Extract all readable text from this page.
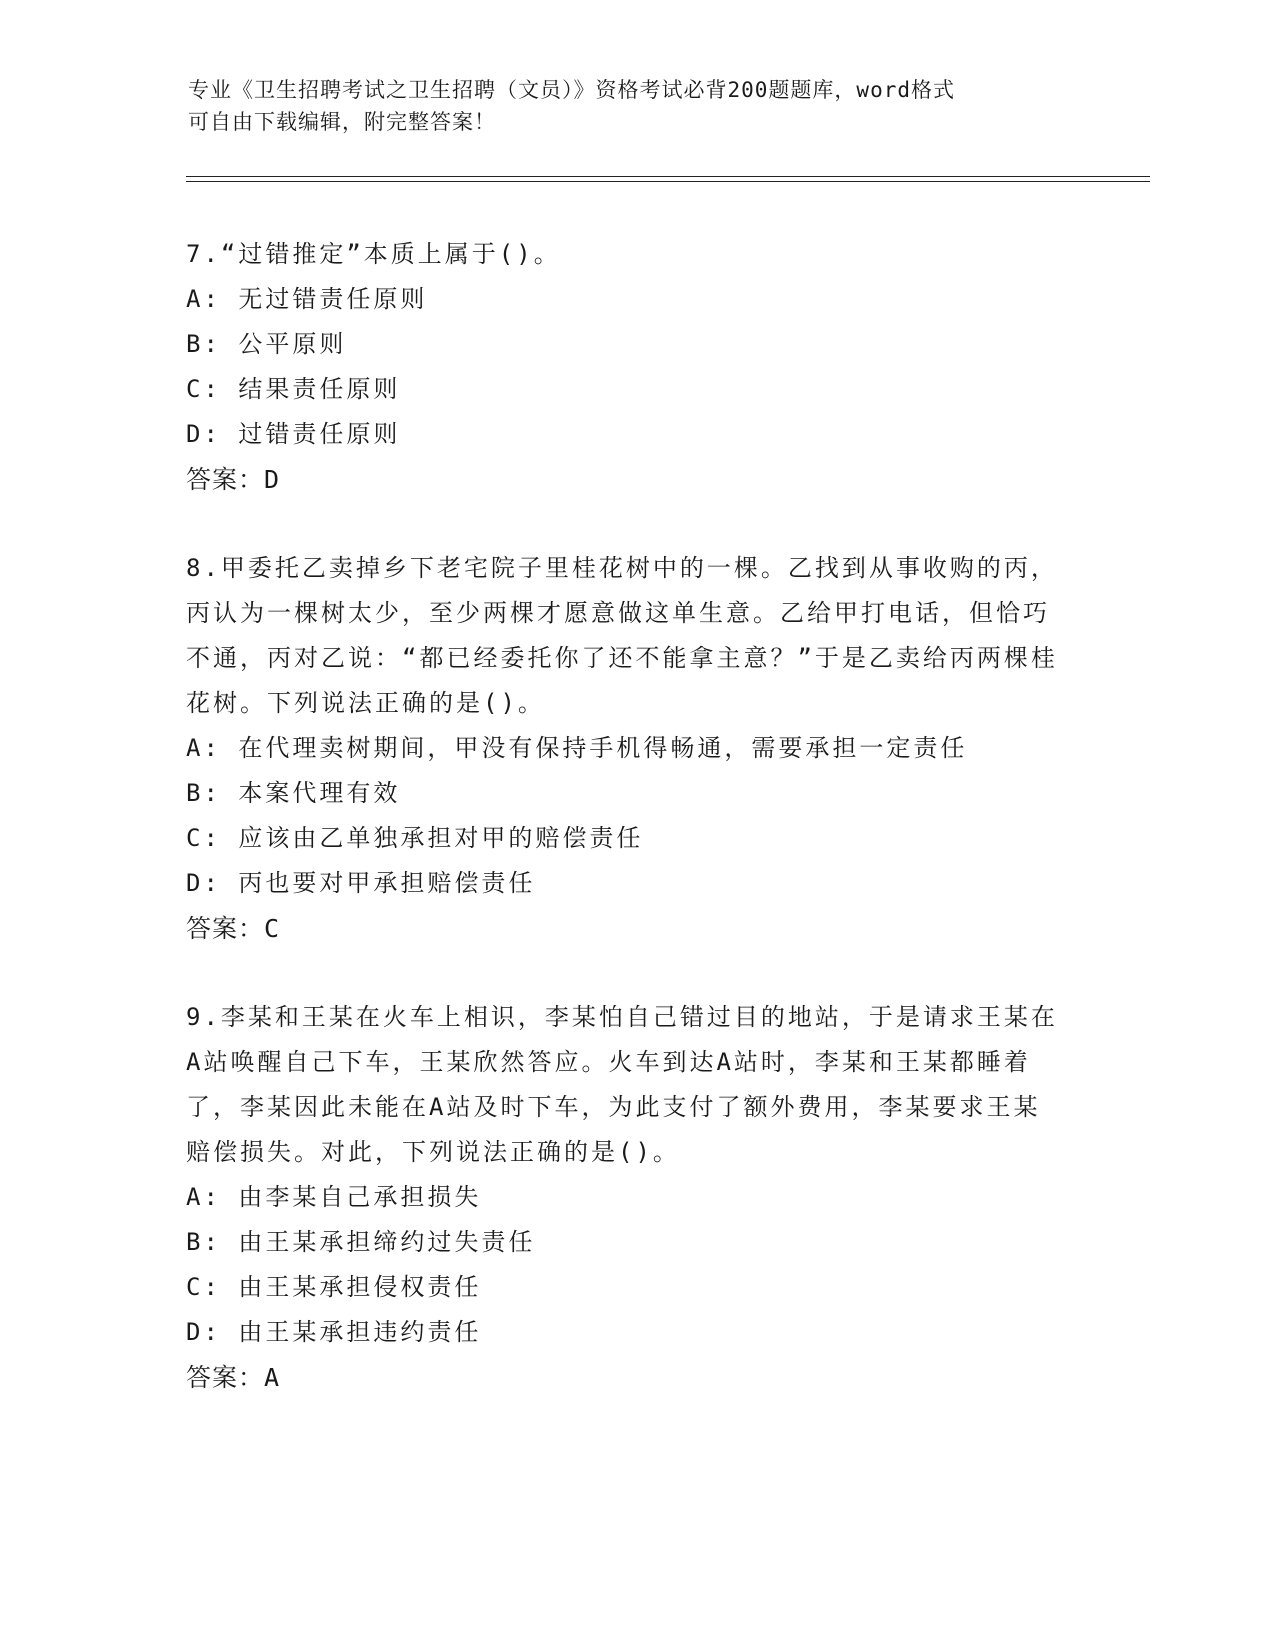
专业《卫生招聘考试之卫生招聘（文员）》资格考试必背200题题库，word格式
可自由下载编辑，附完整答案！
7.“过错推定”本质上属于()。
A: 无过错责任原则
B: 公平原则
C: 结果责任原则
D: 过错责任原则
答案：D
8.甲委托乙卖掉乡下老宅院子里桂花树中的一棵。乙找到从事收购的丙，丙认为一棵树太少，至少两棵才愿意做这单生意。乙给甲打电话，但恰巧不通，丙对乙说：“都已经委托你了还不能拿主意？”于是乙卖给丙两棵桂花树。下列说法正确的是()。
A: 在代理卖树期间，甲没有保持手机得畅通，需要承担一定责任
B: 本案代理有效
C: 应该由乙单独承担对甲的赔偿责任
D: 丙也要对甲承担赔偿责任
答案：C
9.李某和王某在火车上相识，李某怕自己错过目的地站，于是请求王某在A站唤醒自己下车，王某欣然答应。火车到达A站时，李某和王某都睡着了，李某因此未能在A站及时下车，为此支付了额外费用，李某要求王某赔偿损失。对此，下列说法正确的是()。
A: 由李某自己承担损失
B: 由王某承担缔约过失责任
C: 由王某承担侵权责任
D: 由王某承担违约责任
答案：A
